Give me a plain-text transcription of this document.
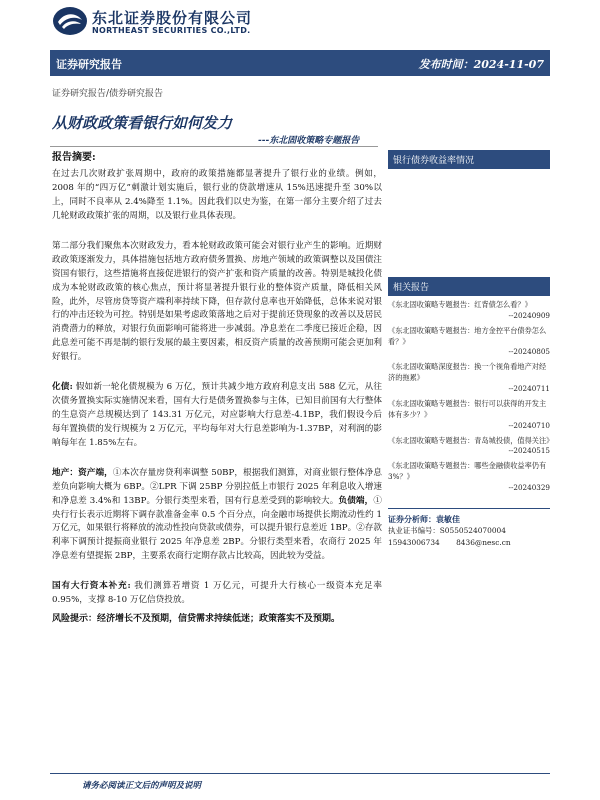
东北证券股份有限公司
NORTHEAST SECURITIES CO.,LTD.
证券研究报告	发布时间：2024-11-07
证券研究报告/债券研究报告
从财政政策看银行如何发力
---东北固收策略专题报告
报告摘要:

在过去几次财政扩张周期中，政府的政策措施都显著提升了银行业的业绩。例如，2008 年的“四万亿”刺激计划实施后，银行业的贷款增速从 15%迅速提升至 30%以上，同时不良率从 2.4%降至 1.1%。因此我们以史为鉴，在第一部分主要介绍了过去几轮财政政策扩张的周期，以及银行业具体表现。

第二部分我们聚焦本次财政发力，看本轮财政政策可能会对银行业产生的影响。近期财政政策逐渐发力，具体措施包括地方政府债务置换、房地产领域的政策调整以及国债注资国有银行，这些措施将直接促进银行的资产扩张和资产质量的改善。特别是城投化债成为本轮财政政策的核心焦点，预计将显著提升银行业的整体资产质量，降低相关风险，此外，尽管房贷等资产端利率持续下降，但存款付息率也开始降低，总体来说对银行的冲击还较为可控。特别是如果考虑政策落地之后对于提前还贷现象的改善以及居民消费潜力的释放，对银行负面影响可能将进一步减弱。净息差在二季度已接近企稳，因此息差可能不再是制约银行发展的最主要因素，相反资产质量的改善预期可能会更加利好银行。

化债: 假如新一轮化债规模为 6 万亿，预计共减少地方政府利息支出 588 亿元，从往次债务置换实际实施情况来看，国有大行是债务置换参与主体，已知目前国有大行整体的生息资产总规模达到了 143.31 万亿元，对应影响大行息差-4.1BP，我们假设今后每年置换债的发行规模为 2 万亿元，平均每年对大行息差影响为-1.37BP，对利润的影响每年在 1.85%左右。

地产：资产端，①本次存量房贷利率调整 50BP，根据我们测算，对商业银行整体净息差负向影响大概为 6BP。②LPR 下调 25BP 分别拉低上市银行 2025 年利息收入增速和净息差 3.4%和 13BP。分银行类型来看，国有行息差受到的影响较大。负债端，①央行行长表示近期将下调存款准备金率 0.5 个百分点，向金融市场提供长期流动性约 1 万亿元，如果银行将释放的流动性投向贷款或债券，可以提升银行息差近 1BP。②存款利率下调预计提振商业银行 2025 年净息差 2BP。分银行类型来看，农商行 2025 年净息差有望提振 2BP，主要系农商行定期存款占比较高，因此较为受益。

国有大行资本补充: 我们测算若增资 1 万亿元，可提升大行核心一级资本充足率 0.95%，支撑 8-10 万亿信贷投放。

风险提示：经济增长不及预期，信贷需求持续低迷；政策落实不及预期。

银行债券收益率情况
相关报告
《东北固收策略专题报告：红背债怎么看？》
--20240909
《东北固收策略专题报告：地方金控平台债券怎么看？》
--20240805
《东北固收策略深度报告：换一个视角看地产对经济的拖累》
--20240711
《东北固收策略专题报告：银行可以获得的开发主体有多少？》
--20240710
《东北固收策略专题报告：青岛城投债，值得关注》
--20240515
《东北固收策略专题报告：哪些金融债收益率仍有3%？》
--20240329
证券分析师：袁敏佳
执业证书编号：S0550524070004
15943006734 8436@nesc.cn
请务必阅读正文后的声明及说明
